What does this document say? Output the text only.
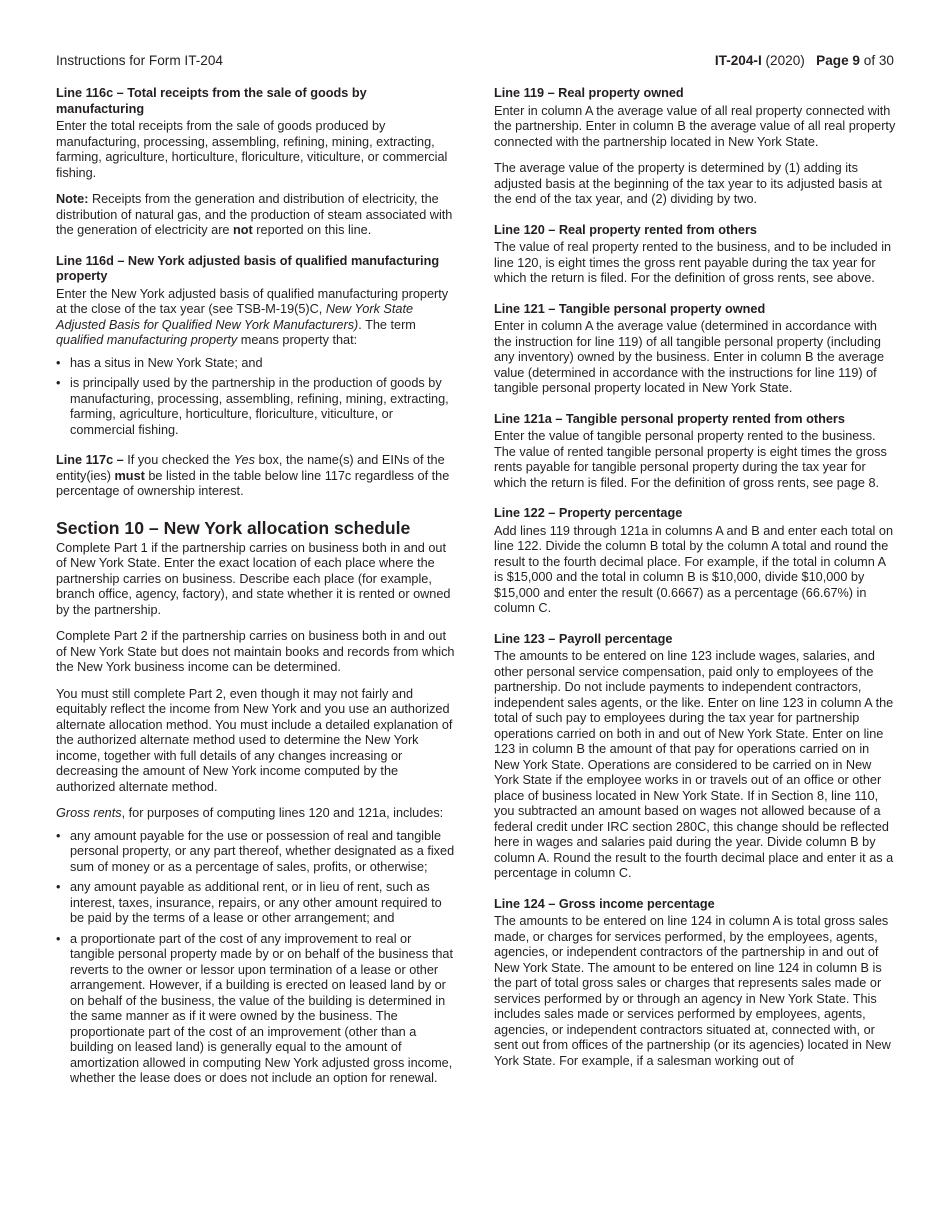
Instructions for Form IT-204	IT-204-I (2020) Page 9 of 30
Line 116c – Total receipts from the sale of goods by manufacturing

Enter the total receipts from the sale of goods produced by manufacturing, processing, assembling, refining, mining, extracting, farming, agriculture, horticulture, floriculture, viticulture, or commercial fishing.

Note: Receipts from the generation and distribution of electricity, the distribution of natural gas, and the production of steam associated with the generation of electricity are not reported on this line.

Line 116d – New York adjusted basis of qualified manufacturing property

Enter the New York adjusted basis of qualified manufacturing property at the close of the tax year (see TSB-M-19(5)C, New York State Adjusted Basis for Qualified New York Manufacturers). The term qualified manufacturing property means property that:

• has a situs in New York State; and
• is principally used by the partnership in the production of goods by manufacturing, processing, assembling, refining, mining, extracting, farming, agriculture, horticulture, floriculture, viticulture, or commercial fishing.

Line 117c – If you checked the Yes box, the name(s) and EINs of the entity(ies) must be listed in the table below line 117c regardless of the percentage of ownership interest.

Section 10 – New York allocation schedule

Complete Part 1 if the partnership carries on business both in and out of New York State. Enter the exact location of each place where the partnership carries on business. Describe each place (for example, branch office, agency, factory), and state whether it is rented or owned by the partnership.

Complete Part 2 if the partnership carries on business both in and out of New York State but does not maintain books and records from which the New York business income can be determined.

You must still complete Part 2, even though it may not fairly and equitably reflect the income from New York and you use an authorized alternate allocation method. You must include a detailed explanation of the authorized alternate method used to determine the New York income, together with full details of any changes increasing or decreasing the amount of New York income computed by the authorized alternate method.

Gross rents, for purposes of computing lines 120 and 121a, includes:

• any amount payable for the use or possession of real and tangible personal property, or any part thereof, whether designated as a fixed sum of money or as a percentage of sales, profits, or otherwise;
• any amount payable as additional rent, or in lieu of rent, such as interest, taxes, insurance, repairs, or any other amount required to be paid by the terms of a lease or other arrangement; and
• a proportionate part of the cost of any improvement to real or tangible personal property made by or on behalf of the business that reverts to the owner or lessor upon termination of a lease or other arrangement. However, if a building is erected on leased land by or on behalf of the business, the value of the building is determined in the same manner as if it were owned by the business. The proportionate part of the cost of an improvement (other than a building on leased land) is generally equal to the amount of amortization allowed in computing New York adjusted gross income, whether the lease does or does not include an option for renewal.
Line 119 – Real property owned

Enter in column A the average value of all real property connected with the partnership. Enter in column B the average value of all real property connected with the partnership located in New York State.

The average value of the property is determined by (1) adding its adjusted basis at the beginning of the tax year to its adjusted basis at the end of the tax year, and (2) dividing by two.

Line 120 – Real property rented from others

The value of real property rented to the business, and to be included in line 120, is eight times the gross rent payable during the tax year for which the return is filed. For the definition of gross rents, see above.

Line 121 – Tangible personal property owned

Enter in column A the average value (determined in accordance with the instruction for line 119) of all tangible personal property (including any inventory) owned by the business. Enter in column B the average value (determined in accordance with the instructions for line 119) of tangible personal property located in New York State.

Line 121a – Tangible personal property rented from others

Enter the value of tangible personal property rented to the business. The value of rented tangible personal property is eight times the gross rents payable for tangible personal property during the tax year for which the return is filed. For the definition of gross rents, see page 8.

Line 122 – Property percentage

Add lines 119 through 121a in columns A and B and enter each total on line 122. Divide the column B total by the column A total and round the result to the fourth decimal place. For example, if the total in column A is $15,000 and the total in column B is $10,000, divide $10,000 by $15,000 and enter the result (0.6667) as a percentage (66.67%) in column C.

Line 123 – Payroll percentage

The amounts to be entered on line 123 include wages, salaries, and other personal service compensation, paid only to employees of the partnership. Do not include payments to independent contractors, independent sales agents, or the like. Enter on line 123 in column A the total of such pay to employees during the tax year for partnership operations carried on both in and out of New York State. Enter on line 123 in column B the amount of that pay for operations carried on in New York State. Operations are considered to be carried on in New York State if the employee works in or travels out of an office or other place of business located in New York State. If in Section 8, line 110, you subtracted an amount based on wages not allowed because of a federal credit under IRC section 280C, this change should be reflected here in wages and salaries paid during the year. Divide column B by column A. Round the result to the fourth decimal place and enter it as a percentage in column C.

Line 124 – Gross income percentage

The amounts to be entered on line 124 in column A is total gross sales made, or charges for services performed, by the employees, agents, agencies, or independent contractors of the partnership in and out of New York State. The amount to be entered on line 124 in column B is the part of total gross sales or charges that represents sales made or services performed by or through an agency in New York State. This includes sales made or services performed by employees, agents, agencies, or independent contractors situated at, connected with, or sent out from offices of the partnership (or its agencies) located in New York State. For example, if a salesman working out of
